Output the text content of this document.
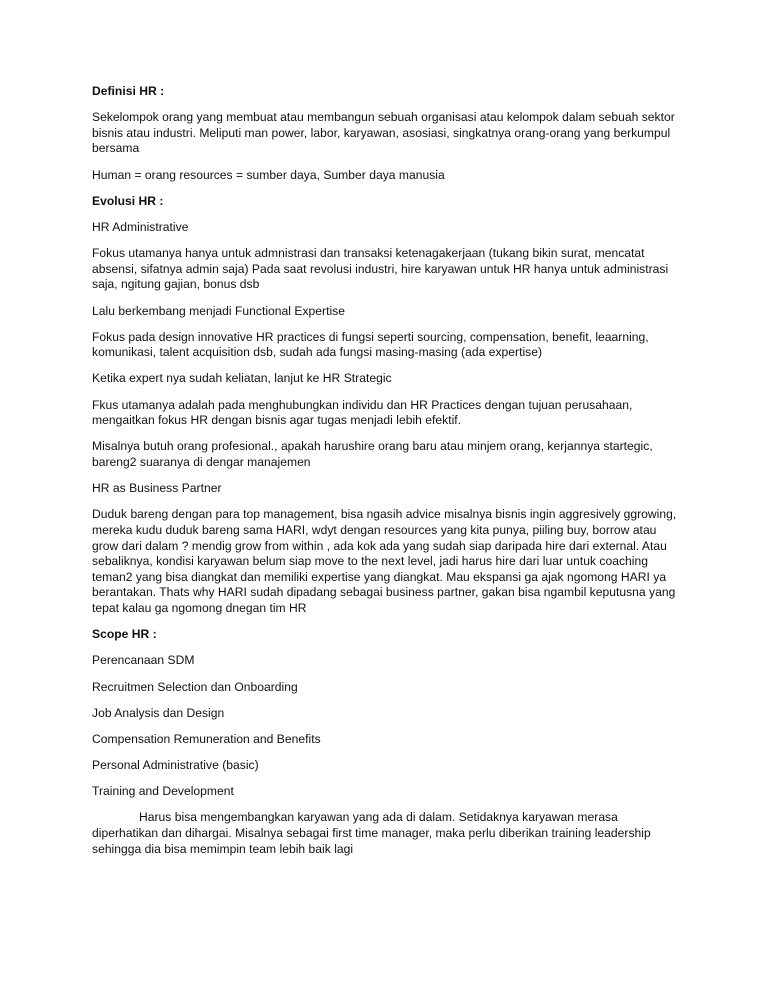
Definisi HR :

Sekelompok orang yang membuat atau membangun sebuah organisasi atau kelompok dalam sebuah sektor bisnis atau industri. Meliputi man power, labor, karyawan, asosiasi, singkatnya orang-orang yang berkumpul bersama

Human = orang resources = sumber daya, Sumber daya manusia

Evolusi HR :

HR Administrative

Fokus utamanya hanya untuk admnistrasi dan transaksi ketenagakerjaan (tukang bikin surat, mencatat absensi, sifatnya admin saja) Pada saat revolusi industri, hire karyawan untuk HR hanya untuk administrasi saja, ngitung gajian, bonus dsb

Lalu berkembang menjadi Functional Expertise

Fokus pada design innovative HR practices di fungsi seperti sourcing, compensation, benefit, leaarning, komunikasi, talent acquisition dsb, sudah ada fungsi masing-masing (ada expertise)

Ketika expert nya sudah keliatan, lanjut ke HR Strategic

Fkus utamanya adalah pada menghubungkan individu dan HR Practices dengan tujuan perusahaan, mengaitkan fokus HR dengan bisnis agar tugas menjadi lebih efektif.

Misalnya butuh orang profesional., apakah harushire orang baru atau minjem orang, kerjannya startegic, bareng2 suaranya di dengar manajemen

HR as Business Partner

Duduk bareng dengan para top management, bisa ngasih advice misalnya bisnis ingin aggresively ggrowing, mereka kudu duduk bareng sama HARI, wdyt dengan resources yang kita punya, piiling buy, borrow atau grow dari dalam ? mendig grow from within , ada kok ada yang sudah siap daripada hire dari external. Atau sebaliknya, kondisi karyawan belum siap move to the next level, jadi harus hire dari luar untuk coaching teman2 yang bisa diangkat dan memiliki expertise yang diangkat. Mau ekspansi ga ajak ngomong HARI ya berantakan. Thats why HARI sudah dipadang sebagai business partner, gakan bisa ngambil keputusna yang tepat kalau ga ngomong dnegan tim HR

Scope HR :

Perencanaan SDM

Recruitmen Selection dan Onboarding

Job Analysis dan Design

Compensation Remuneration and Benefits

Personal Administrative (basic)

Training and Development

Harus bisa mengembangkan karyawan yang ada di dalam. Setidaknya karyawan merasa diperhatikan dan dihargai. Misalnya sebagai first time manager, maka perlu diberikan training leadership sehingga dia bisa memimpin team lebih baik lagi
